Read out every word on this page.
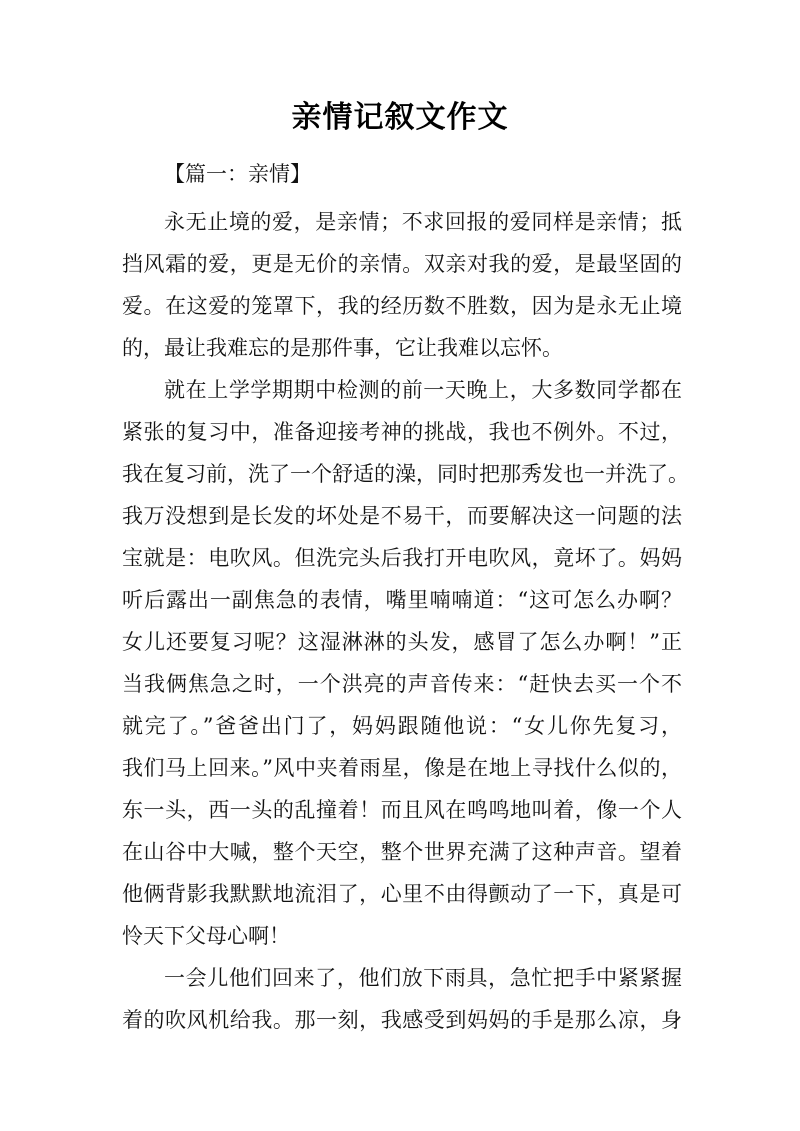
亲情记叙文作文
【篇一：亲情】
永无止境的爱，是亲情；不求回报的爱同样是亲情；抵
挡风霜的爱，更是无价的亲情。双亲对我的爱，是最坚固的
爱。在这爱的笼罩下，我的经历数不胜数，因为是永无止境
的，最让我难忘的是那件事，它让我难以忘怀。
就在上学学期期中检测的前一天晚上，大多数同学都在
紧张的复习中，准备迎接考神的挑战，我也不例外。不过，
我在复习前，洗了一个舒适的澡，同时把那秀发也一并洗了。
我万没想到是长发的坏处是不易干，而要解决这一问题的法
宝就是：电吹风。但洗完头后我打开电吹风，竟坏了。妈妈
听后露出一副焦急的表情，嘴里喃喃道：“这可怎么办啊？
女儿还要复习呢？这湿淋淋的头发，感冒了怎么办啊！”正
当我俩焦急之时，一个洪亮的声音传来：“赶快去买一个不
就完了。”爸爸出门了，妈妈跟随他说：“女儿你先复习，
我们马上回来。”风中夹着雨星，像是在地上寻找什么似的，
东一头，西一头的乱撞着！而且风在鸣鸣地叫着，像一个人
在山谷中大喊，整个天空，整个世界充满了这种声音。望着
他俩背影我默默地流泪了，心里不由得颤动了一下，真是可
怜天下父母心啊！
一会儿他们回来了，他们放下雨具，急忙把手中紧紧握
着的吹风机给我。那一刻，我感受到妈妈的手是那么凉，身
